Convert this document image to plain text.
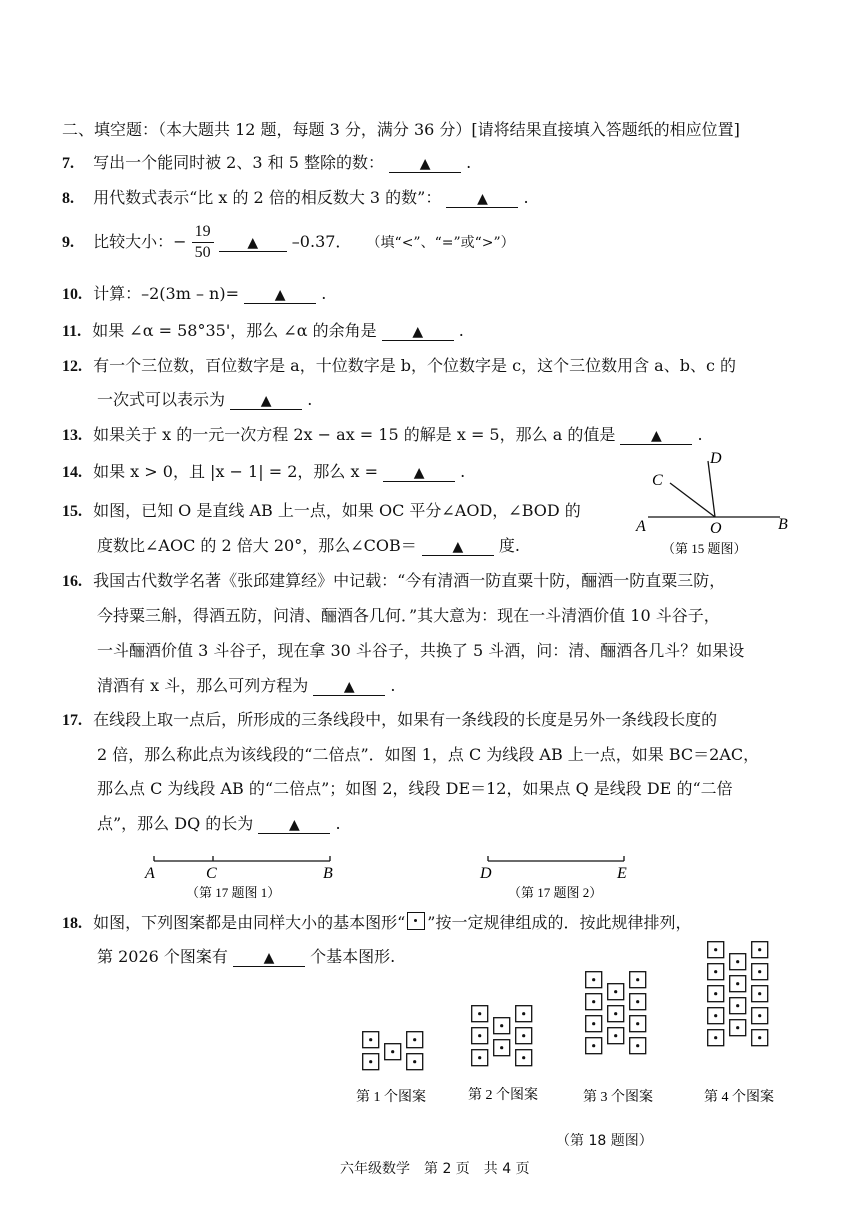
二、填空题：（本大题共 12 题，每题 3 分，满分 36 分）[请将结果直接填入答题纸的相应位置]
7. 写出一个能同时被 2、3 和 5 整除的数：	▲ .
8. 用代数式表示“比 x 的 2 倍的相反数大 3 的数”：	▲ .
9. 比较大小：− $\frac{19}{50}$ ▲ –0.37． （填“<”、“=”或“>”）
10. 计算：–2(3m – n)=	▲ .
11. 如果 ∠α = 58°35'，那么 ∠α 的余角是	▲ .
12. 有一个三位数，百位数字是 a，十位数字是 b，个位数字是 c，这个三位数用含 a、b、c 的
一次式可以表示为	▲ .
13. 如果关于 x 的一元一次方程 2x − ax = 15 的解是 x = 5，那么 a 的值是	▲ .
14. 如果 x > 0，且 |x − 1| = 2，那么 x =	▲ .
15. 如图，已知 O 是直线 AB 上一点，如果 OC 平分∠AOD，∠BOD 的
度数比∠AOC 的 2 倍大 20°，那么∠COB＝	▲ 度.
A	B
C
D
O
（第 15 题图）
16. 我国古代数学名著《张邱建算经》中记载：“今有清酒一防直粟十防，酾酒一防直粟三防，
今持粟三斛，得酒五防，问清、酾酒各几何．”其大意为：现在一斗清酒价值 10 斗谷子，
一斗酾酒价值 3 斗谷子，现在拿 30 斗谷子，共换了 5 斗酒，问：清、酾酒各几斗？如果设
清酒有 x 斗，那么可列方程为	▲ .
17. 在线段上取一点后，所形成的三条线段中，如果有一条线段的长度是另外一条线段长度的
2 倍，那么称此点为该线段的“二倍点”．如图 1，点 C 为线段 AB 上一点，如果 BC＝2AC，
那么点 C 为线段 AB 的“二倍点”；如图 2，线段 DE＝12，如果点 Q 是线段 DE 的“二倍
点”，那么 DQ 的长为	▲ .
A	C	B
（第 17 题图 1）
D	E
（第 17 题图 2）
18. 如图，下列图案都是由同样大小的基本图形“ ”按一定规律组成的．按此规律排列，
第 2026 个图案有	▲ 个基本图形.
第 1 个图案	第 2 个图案	第 3 个图案	第 4 个图案
（第 18 题图）
六年级数学　第 2 页　共 4 页
